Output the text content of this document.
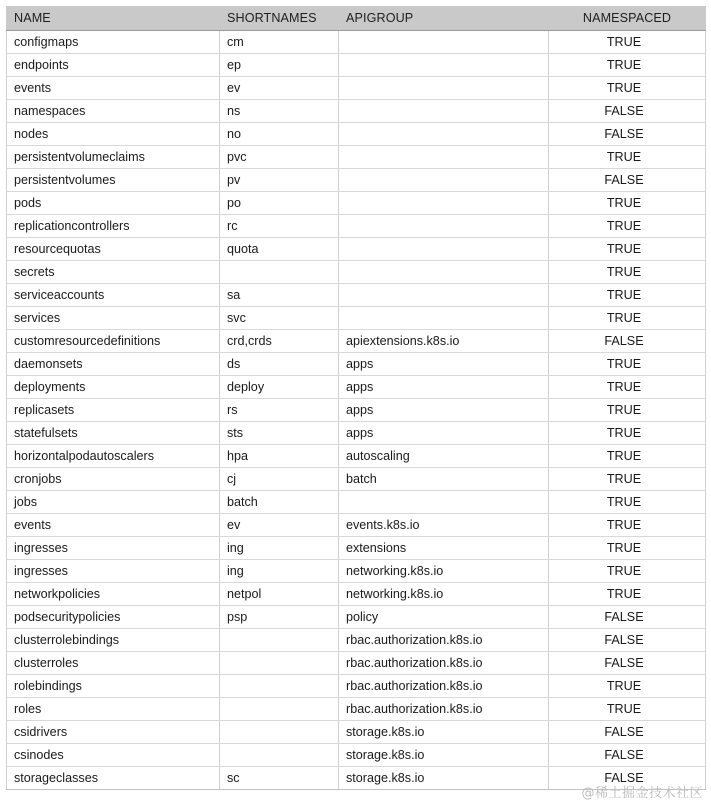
NAME	SHORTNAMES	APIGROUP	NAMESPACED
configmaps	cm		TRUE
endpoints	ep		TRUE
events	ev		TRUE
namespaces	ns		FALSE
nodes	no		FALSE
persistentvolumeclaims	pvc		TRUE
persistentvolumes	pv		FALSE
pods	po		TRUE
replicationcontrollers	rc		TRUE
resourcequotas	quota		TRUE
secrets			TRUE
serviceaccounts	sa		TRUE
services	svc		TRUE
customresourcedefinitions	crd,crds	apiextensions.k8s.io	FALSE
daemonsets	ds	apps	TRUE
deployments	deploy	apps	TRUE
replicasets	rs	apps	TRUE
statefulsets	sts	apps	TRUE
horizontalpodautoscalers	hpa	autoscaling	TRUE
cronjobs	cj	batch	TRUE
jobs	batch		TRUE
events	ev	events.k8s.io	TRUE
ingresses	ing	extensions	TRUE
ingresses	ing	networking.k8s.io	TRUE
networkpolicies	netpol	networking.k8s.io	TRUE
podsecuritypolicies	psp	policy	FALSE
clusterrolebindings		rbac.authorization.k8s.io	FALSE
clusterroles		rbac.authorization.k8s.io	FALSE
rolebindings		rbac.authorization.k8s.io	TRUE
roles		rbac.authorization.k8s.io	TRUE
csidrivers		storage.k8s.io	FALSE
csinodes		storage.k8s.io	FALSE
storageclasses	sc	storage.k8s.io	FALSE
@稀土掘金技术社区
